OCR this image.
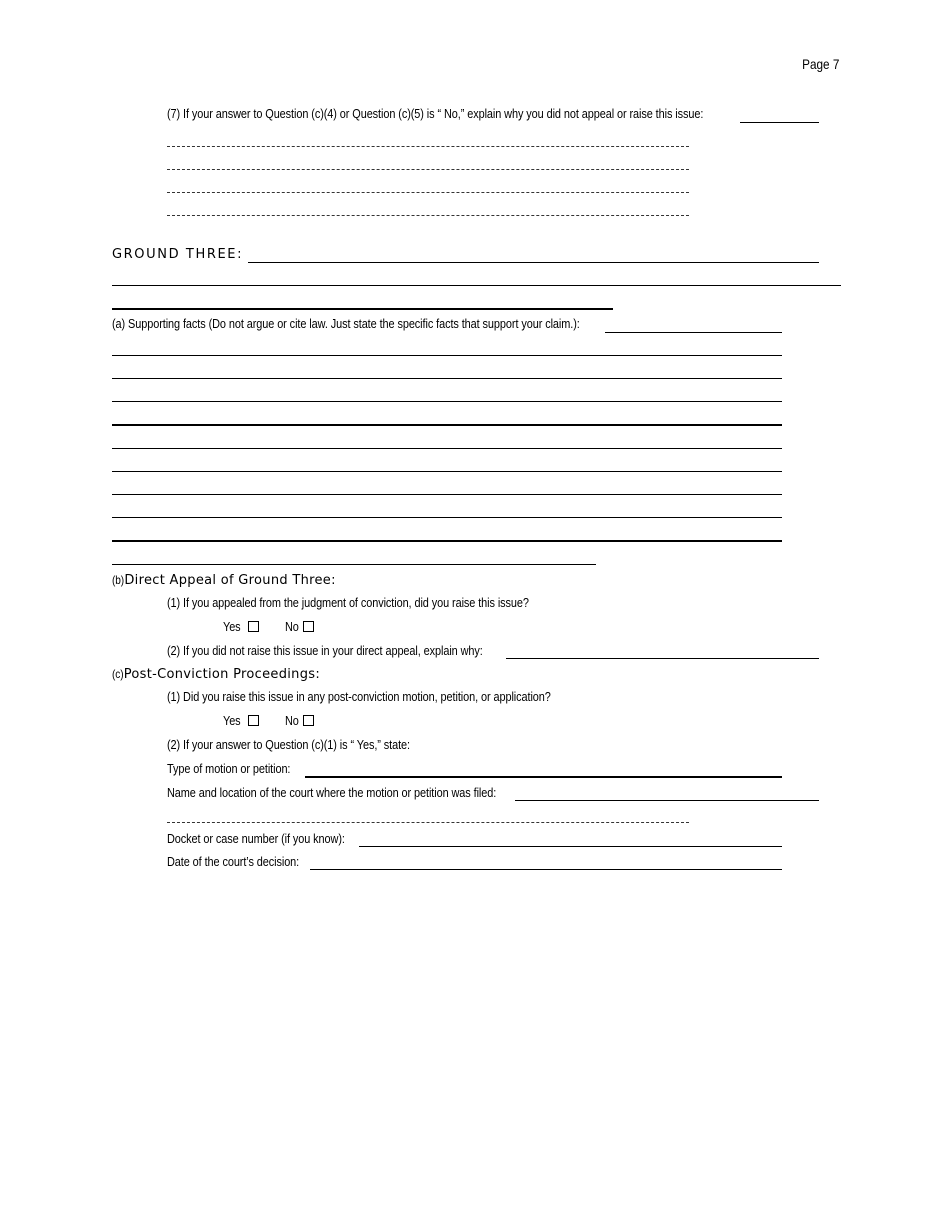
Page 7
(7) If your answer to Question (c)(4) or Question (c)(5) is “ No,” explain why you did not appeal or raise this issue:
GROUND THREE:
(a) Supporting facts (Do not argue or cite law. Just state the specific facts that support your claim.):
(b)Direct Appeal of Ground Three:
(1) If you appealed from the judgment of conviction, did you raise this issue?
Yes	No
(2) If you did not raise this issue in your direct appeal, explain why:
(c)Post-Conviction Proceedings:
(1) Did you raise this issue in any post-conviction motion, petition, or application?
Yes	No
(2) If your answer to Question (c)(1) is “ Yes,” state:
Type of motion or petition:
Name and location of the court where the motion or petition was filed:
Docket or case number (if you know):
Date of the court’s decision:
